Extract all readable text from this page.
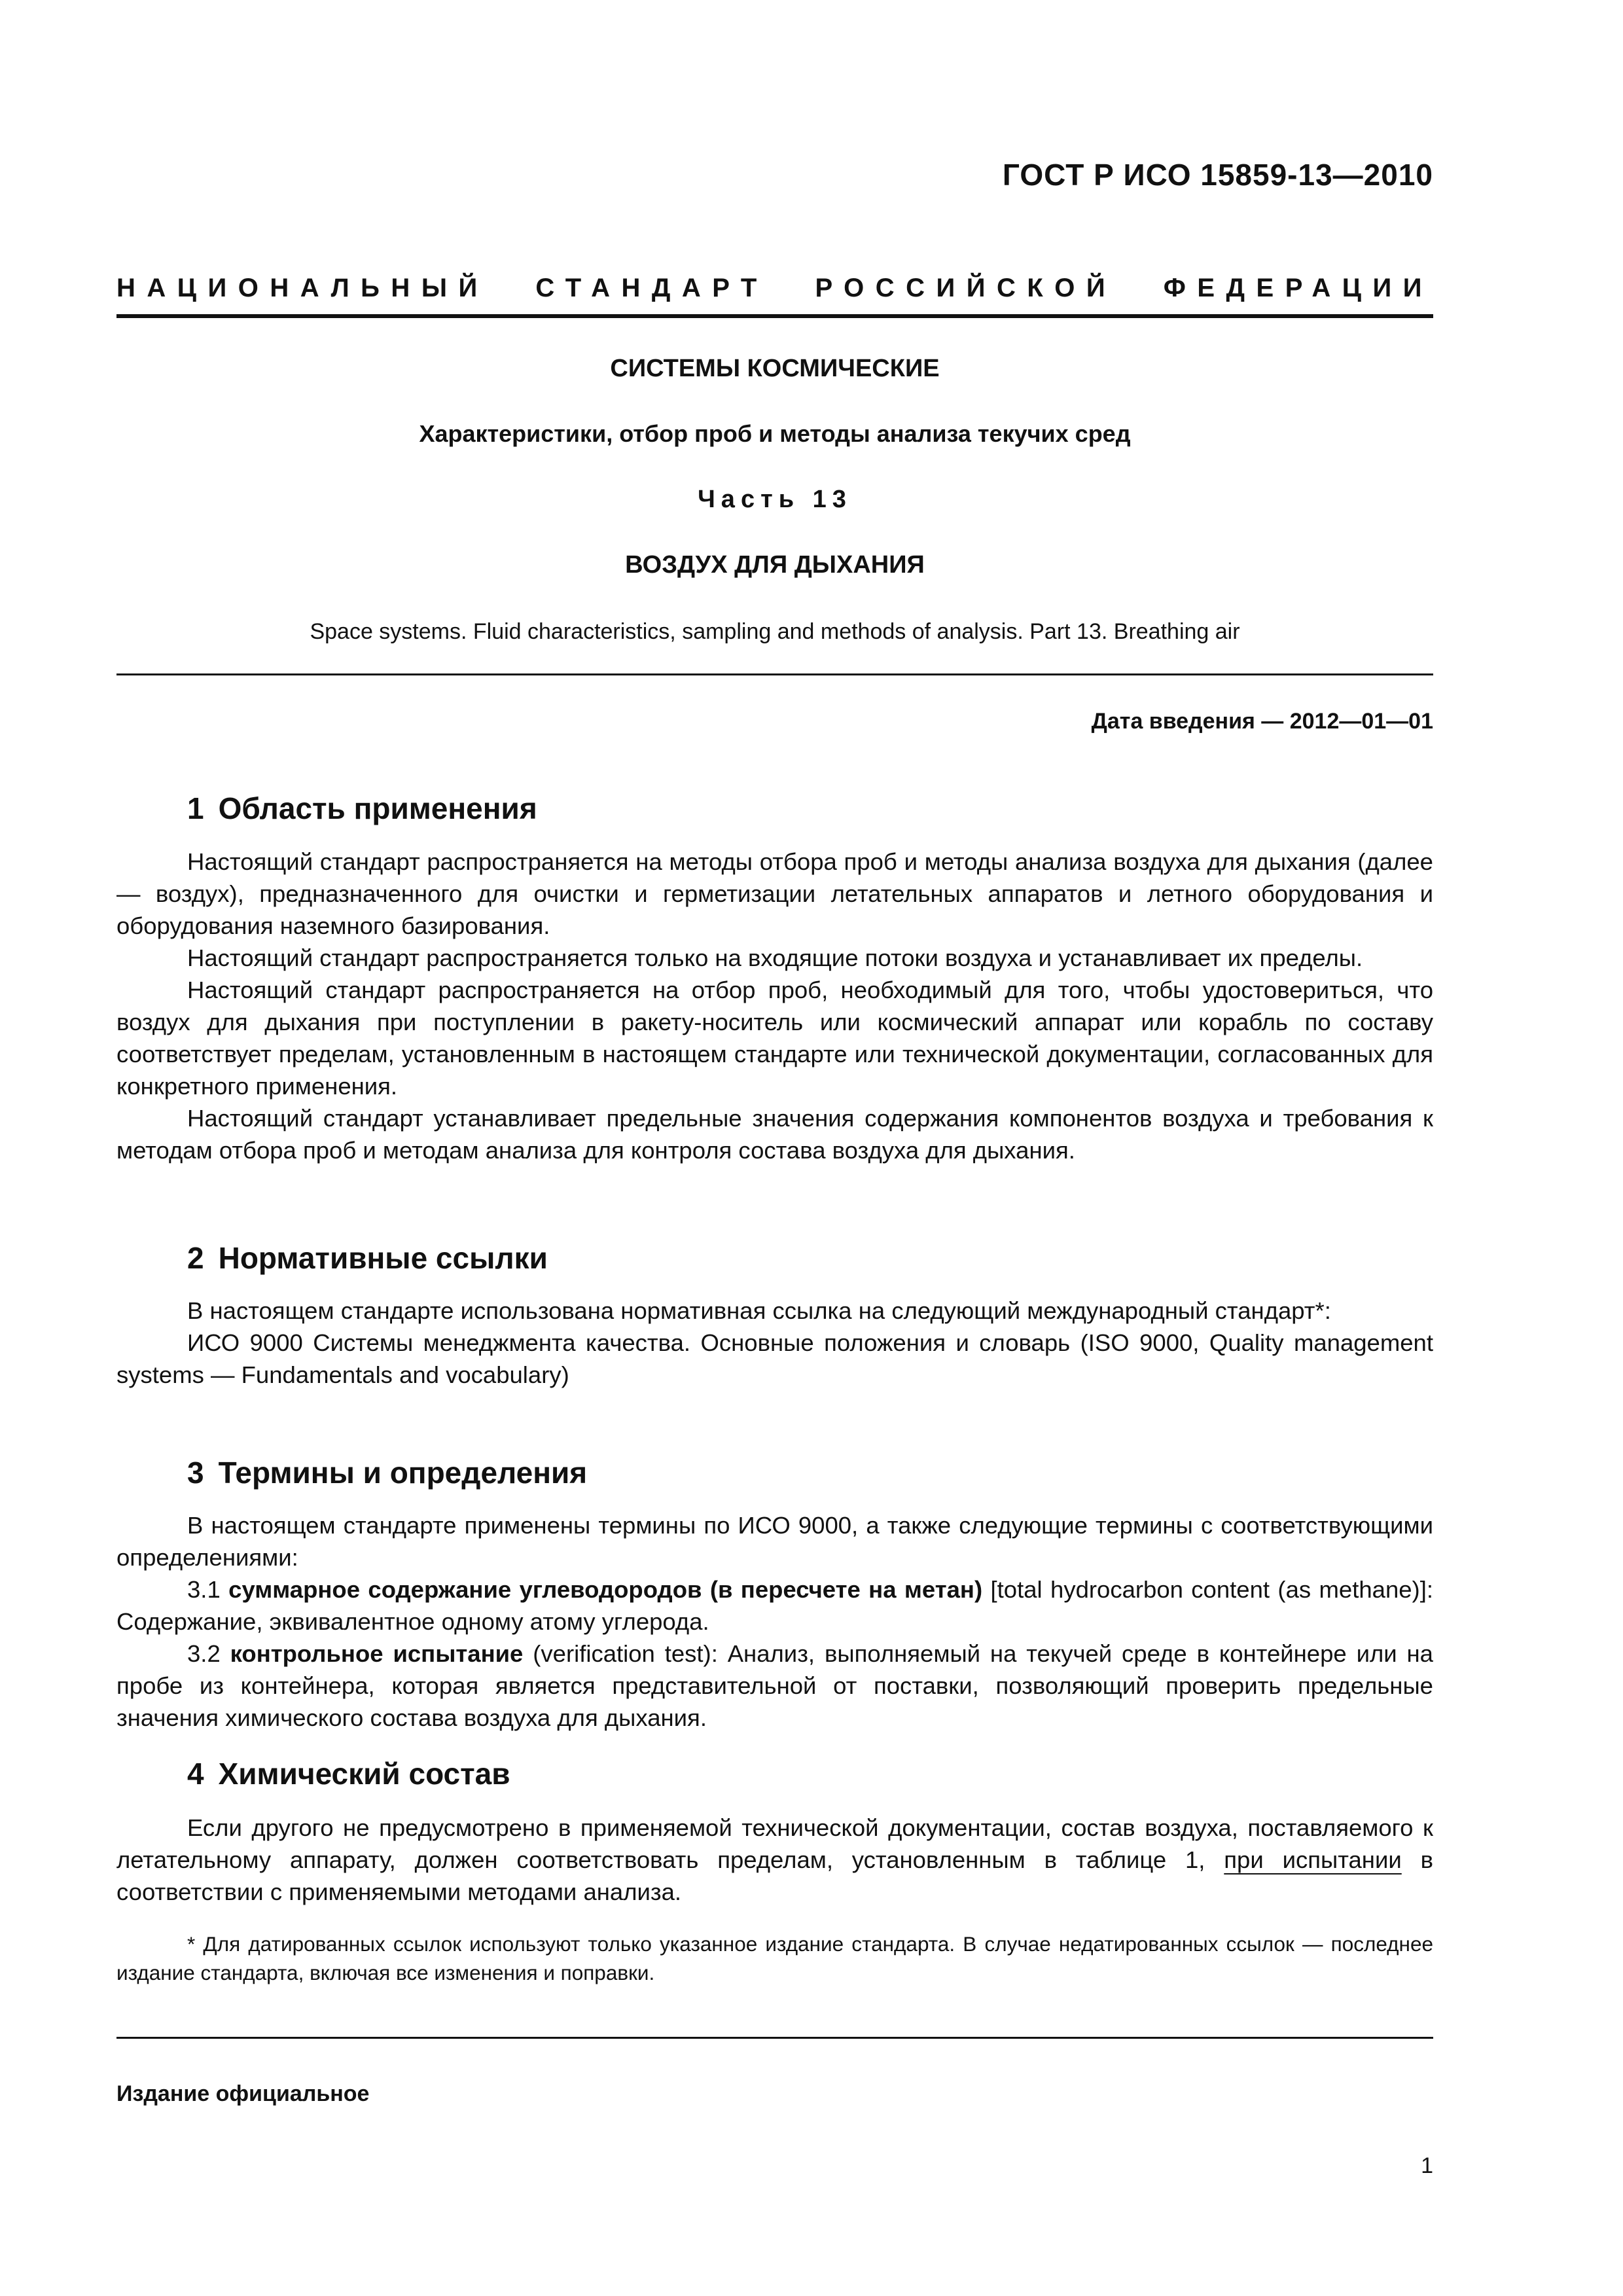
ГОСТ Р ИСО 15859-13—2010
НАЦИОНАЛЬНЫЙ СТАНДАРТ РОССИЙСКОЙ ФЕДЕРАЦИИ
СИСТЕМЫ КОСМИЧЕСКИЕ
Характеристики, отбор проб и методы анализа текучих сред
Часть 13
ВОЗДУХ ДЛЯ ДЫХАНИЯ
Space systems. Fluid characteristics, sampling and methods of analysis. Part 13. Breathing air
Дата введения — 2012—01—01
1 Область применения

Настоящий стандарт распространяется на методы отбора проб и методы анализа воздуха для дыхания (далее — воздух), предназначенного для очистки и герметизации летательных аппаратов и летного оборудования и оборудования наземного базирования.

Настоящий стандарт распространяется только на входящие потоки воздуха и устанавливает их пределы.

Настоящий стандарт распространяется на отбор проб, необходимый для того, чтобы удостовериться, что воздух для дыхания при поступлении в ракету-носитель или космический аппарат или корабль по составу соответствует пределам, установленным в настоящем стандарте или технической документации, согласованных для конкретного применения.

Настоящий стандарт устанавливает предельные значения содержания компонентов воздуха и требования к методам отбора проб и методам анализа для контроля состава воздуха для дыхания.

2 Нормативные ссылки

В настоящем стандарте использована нормативная ссылка на следующий международный стандарт*:

ИСО 9000 Системы менеджмента качества. Основные положения и словарь (ISO 9000, Quality management systems — Fundamentals and vocabulary)

3 Термины и определения

В настоящем стандарте применены термины по ИСО 9000, а также следующие термины с соответствующими определениями:

3.1 суммарное содержание углеводородов (в пересчете на метан) [total hydrocarbon content (as methane)]: Содержание, эквивалентное одному атому углерода.

3.2 контрольное испытание (verification test): Анализ, выполняемый на текучей среде в контейнере или на пробе из контейнера, которая является представительной от поставки, позволяющий проверить предельные значения химического состава воздуха для дыхания.

4 Химический состав

Если другого не предусмотрено в применяемой технической документации, состав воздуха, поставляемого к летательному аппарату, должен соответствовать пределам, установленным в таблице 1, при испытании в соответствии с применяемыми методами анализа.

* Для датированных ссылок используют только указанное издание стандарта. В случае недатированных ссылок — последнее издание стандарта, включая все изменения и поправки.
Издание официальное
1
